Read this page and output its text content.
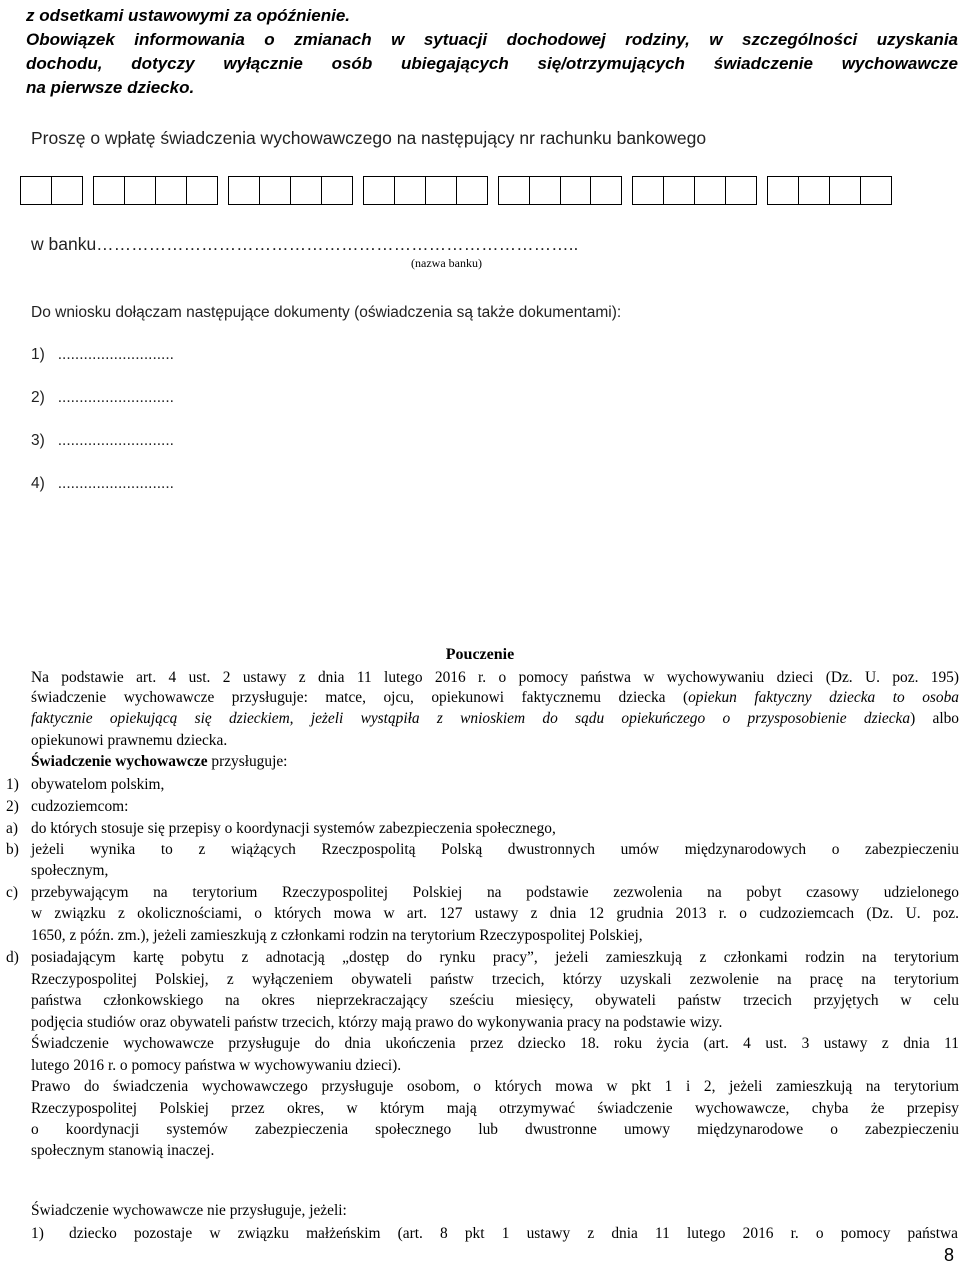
z odsetkami ustawowymi za opóźnienie.
Obowiązek informowania o zmianach w sytuacji dochodowej rodziny, w szczególności uzyskania
dochodu, dotyczy wyłącznie osób ubiegających się/otrzymujących świadczenie wychowawcze
na pierwsze dziecko.
Proszę o wpłatę świadczenia wychowawczego na następujący nr rachunku bankowego
w banku………………………………………………………………………..
(nazwa banku)
Do wniosku dołączam następujące dokumenty (oświadczenia są także dokumentami):
1)   ...........................
2)   ...........................
3)   ...........................
4)   ...........................
Pouczenie
Na podstawie art. 4 ust. 2 ustawy z dnia 11 lutego 2016 r. o pomocy państwa w wychowywaniu dzieci (Dz. U. poz. 195)
świadczenie wychowawcze przysługuje: matce, ojcu, opiekunowi faktycznemu dziecka (opiekun faktyczny dziecka to osoba
faktycznie opiekującą się dzieckiem, jeżeli wystąpiła z wnioskiem do sądu opiekuńczego o przysposobienie dziecka) albo
opiekunowi prawnemu dziecka.
Świadczenie wychowawcze przysługuje:
1) obywatelom polskim,
2) cudzoziemcom:
a) do których stosuje się przepisy o koordynacji systemów zabezpieczenia społecznego,
b) jeżeli wynika to z wiążących Rzeczpospolitą Polską dwustronnych umów międzynarodowych o zabezpieczeniu
społecznym,
c) przebywającym na terytorium Rzeczypospolitej Polskiej na podstawie zezwolenia na pobyt czasowy udzielonego
w związku z okolicznościami, o których mowa w art. 127 ustawy z dnia 12 grudnia 2013 r. o cudzoziemcach (Dz. U. poz.
1650, z późn. zm.), jeżeli zamieszkują z członkami rodzin na terytorium Rzeczypospolitej Polskiej,
d) posiadającym kartę pobytu z adnotacją „dostęp do rynku pracy”, jeżeli zamieszkują z członkami rodzin na terytorium
Rzeczypospolitej Polskiej, z wyłączeniem obywateli państw trzecich, którzy uzyskali zezwolenie na pracę na terytorium
państwa członkowskiego na okres nieprzekraczający sześciu miesięcy, obywateli państw trzecich przyjętych w celu
podjęcia studiów oraz obywateli państw trzecich, którzy mają prawo do wykonywania pracy na podstawie wizy.
Świadczenie wychowawcze przysługuje do dnia ukończenia przez dziecko 18. roku życia (art. 4 ust. 3 ustawy z dnia 11
lutego 2016 r. o pomocy państwa w wychowywaniu dzieci).
Prawo do świadczenia wychowawczego przysługuje osobom, o których mowa w pkt 1 i 2, jeżeli zamieszkują na terytorium
Rzeczypospolitej Polskiej przez okres, w którym mają otrzymywać świadczenie wychowawcze, chyba że przepisy
o koordynacji systemów zabezpieczenia społecznego lub dwustronne umowy międzynarodowe o zabezpieczeniu
społecznym stanowią inaczej.
Świadczenie wychowawcze nie przysługuje, jeżeli:
1) dziecko pozostaje w związku małżeńskim (art. 8 pkt 1 ustawy z dnia 11 lutego 2016 r. o pomocy państwa
8
